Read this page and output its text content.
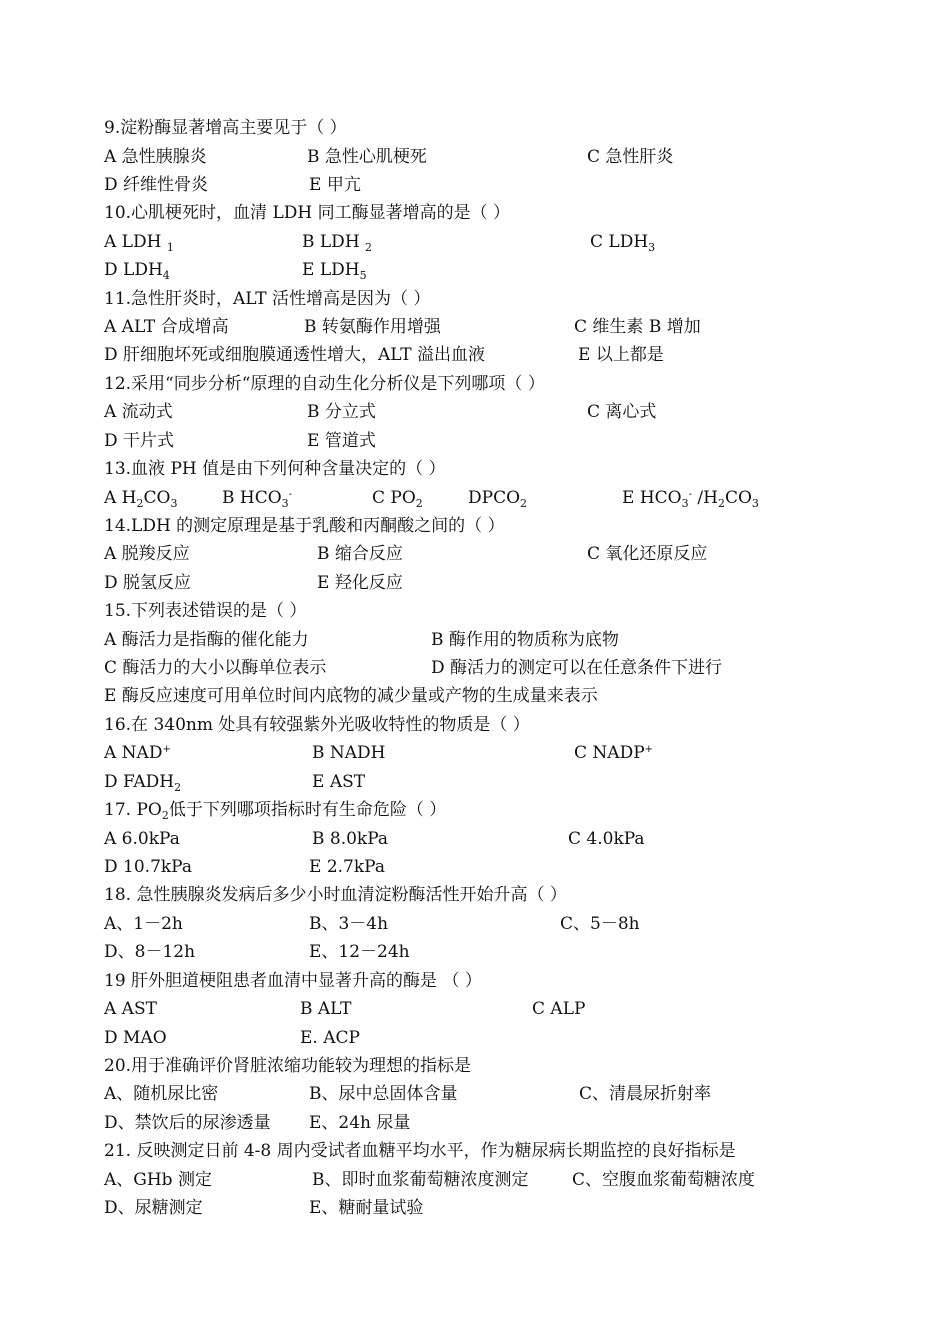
9.淀粉酶显著增高主要见于（ ）
A 急性胰腺炎	B 急性心肌梗死	C 急性肝炎
D 纤维性骨炎	E 甲亢
10.心肌梗死时，血清 LDH 同工酶显著增高的是（ ）
A LDH $_1$	B LDH $_2$	C $LDH_3$
D $LDH_4$	E $LDH_5$
11.急性肝炎时，ALT 活性增高是因为（ ）
A ALT 合成增高	B 转氨酶作用增强	C 维生素 B 增加
D 肝细胞坏死或细胞膜通透性增大，ALT 溢出血液	E 以上都是
12.采用“同步分析“原理的自动生化分析仪是下列哪项（ ）
A 流动式	B 分立式	C 离心式
D 干片式	E 管道式
13.血液 PH 值是由下列何种含量决定的（ ）
A $H_2CO_3$	B $HCO_3^-$	C $PO_2$	$DPCO_2$	E $HCO_3^-$ $/H_2CO_3$
14.LDH 的测定原理是基于乳酸和丙酮酸之间的（ ）
A 脱羧反应	B 缩合反应	C 氧化还原反应
D 脱氢反应	E 羟化反应
15.下列表述错误的是（ ）
A 酶活力是指酶的催化能力	B 酶作用的物质称为底物
C 酶活力的大小以酶单位表示	D 酶活力的测定可以在任意条件下进行
E 酶反应速度可用单位时间内底物的减少量或产物的生成量来表示
16.在 340nm 处具有较强紫外光吸收特性的物质是（ ）
A NAD+	B NADH	C NADP+
D $FADH_2$	E AST
17. $PO_2$低于下列哪项指标时有生命危险（ ）
A 6.0kPa	B 8.0kPa	C 4.0kPa
D 10.7kPa	E 2.7kPa
18. 急性胰腺炎发病后多少小时血清淀粉酶活性开始升高（ ）
A、1－2h	B、3－4h	C、5－8h
D、8－12h	E、12－24h
19 肝外胆道梗阻患者血清中显著升高的酶是 （ ）
A AST	B ALT	C ALP
D MAO	E. ACP
20.用于准确评价肾脏浓缩功能较为理想的指标是
A、随机尿比密	B、尿中总固体含量	C、清晨尿折射率
D、禁饮后的尿渗透量 E、24h 尿量
21. 反映测定日前 4-8 周内受试者血糖平均水平，作为糖尿病长期监控的良好指标是
A、GHb 测定	B、即时血浆葡萄糖浓度测定	C、空腹血浆葡萄糖浓度
D、尿糖测定	E、糖耐量试验
